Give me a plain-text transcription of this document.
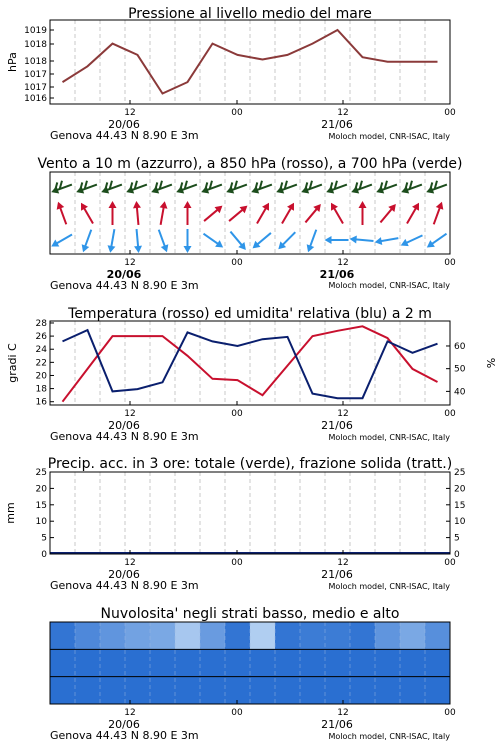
1016
1017
1017
1018
1018
1019
Pressione al livello medio del mare
hPa
12	00	12	00
20/06	21/06
Genova 44.43 N 8.90 E 3m	Moloch model, CNR-ISAC, Italy
Vento a 10 m (azzurro), a 850 hPa (rosso), a 700 hPa (verde)
12	00	12	00
20/06	21/06
Genova 44.43 N 8.90 E 3m	Moloch model, CNR-ISAC, Italy
16
18
20
22
24
26
28
40
50
60
Temperatura (rosso) ed umidita' relativa (blu) a 2 m
gradi C	%
12	00	12	00
20/06	21/06
Genova 44.43 N 8.90 E 3m	Moloch model, CNR-ISAC, Italy
0	0
5	5
10	10
15	15
20	20
25	25
Precip. acc. in 3 ore: totale (verde), frazione solida (tratt.)
mm
12	00	12	00
20/06	21/06
Genova 44.43 N 8.90 E 3m	Moloch model, CNR-ISAC, Italy
Nuvolosita' negli strati basso, medio e alto
12	00	12	00
20/06	21/06
Genova 44.43 N 8.90 E 3m	Moloch model, CNR-ISAC, Italy
